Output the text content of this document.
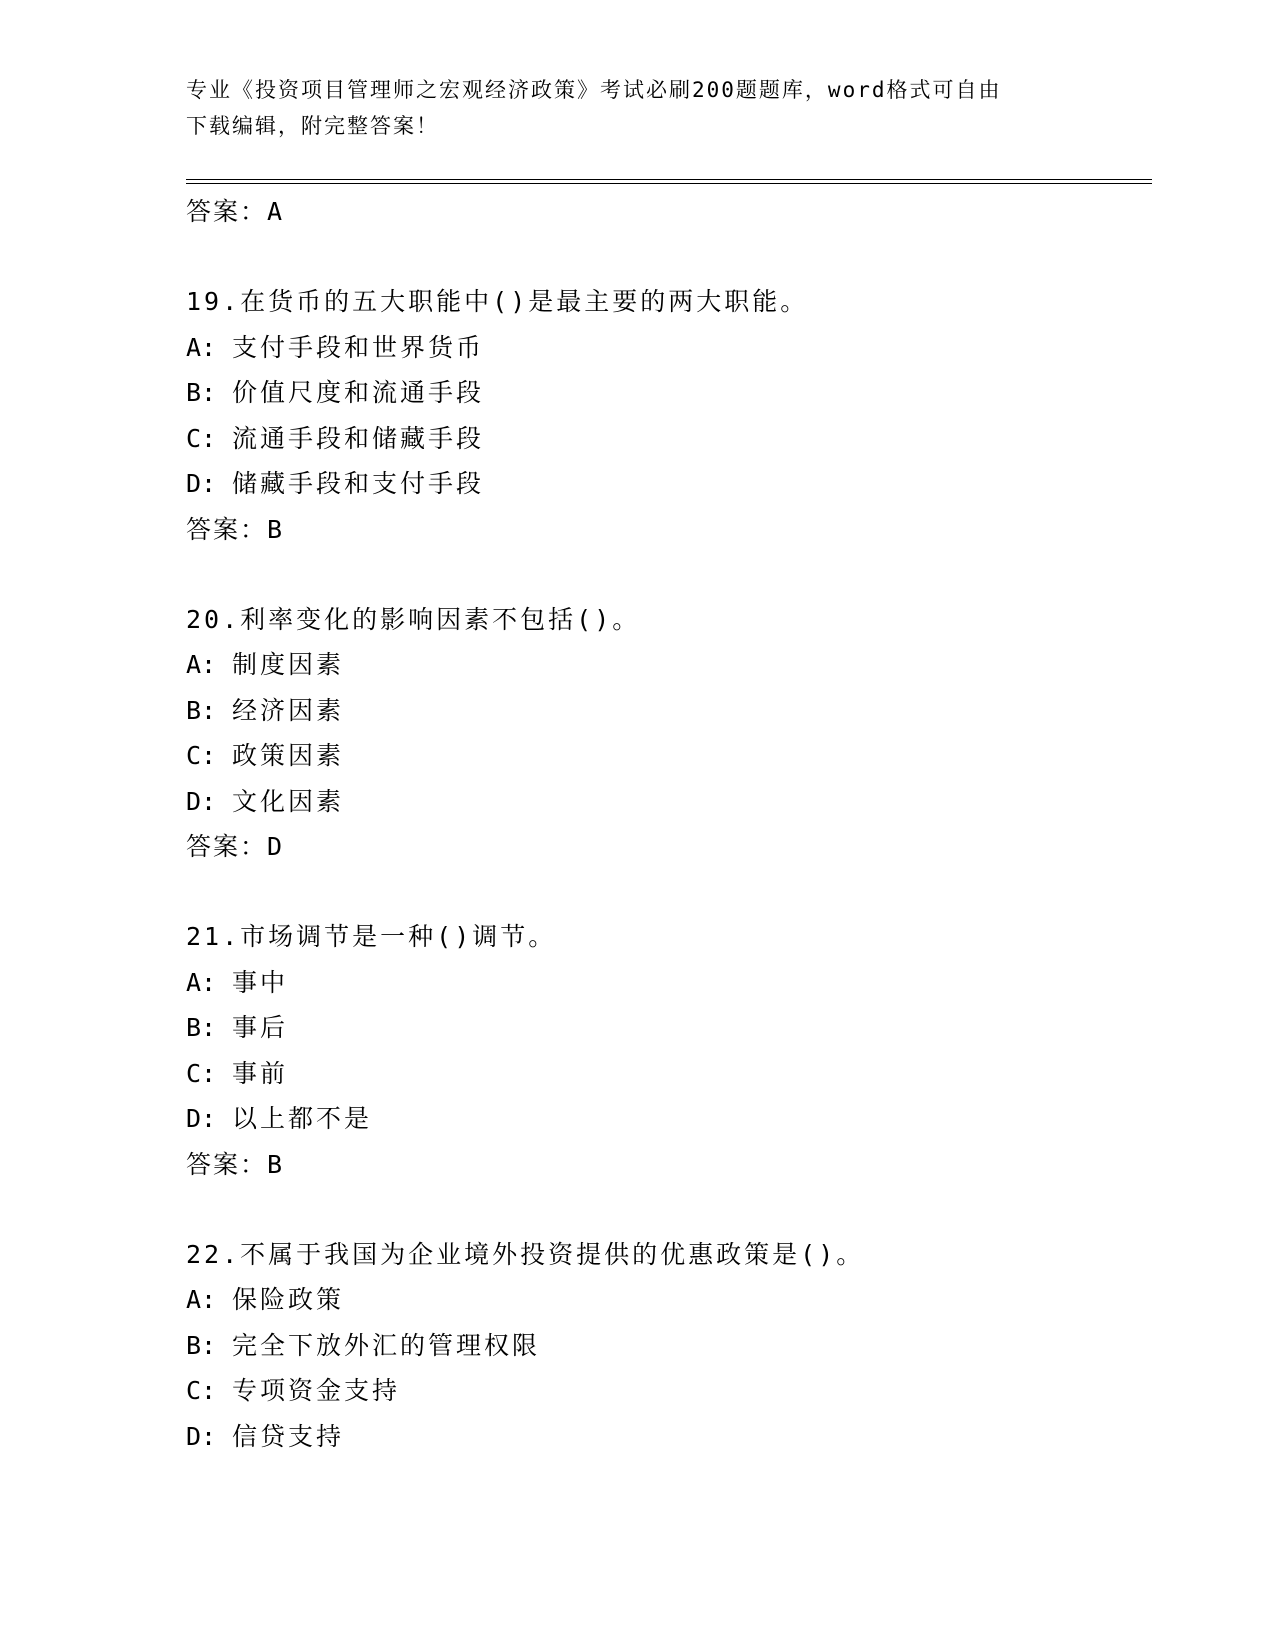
专业《投资项目管理师之宏观经济政策》考试必刷200题题库，word格式可自由
下载编辑，附完整答案！
答案：A
19.在货币的五大职能中()是最主要的两大职能。
A: 支付手段和世界货币
B: 价值尺度和流通手段
C: 流通手段和储藏手段
D: 储藏手段和支付手段
答案：B
20.利率变化的影响因素不包括()。
A: 制度因素
B: 经济因素
C: 政策因素
D: 文化因素
答案：D
21.市场调节是一种()调节。
A: 事中
B: 事后
C: 事前
D: 以上都不是
答案：B
22.不属于我国为企业境外投资提供的优惠政策是()。
A: 保险政策
B: 完全下放外汇的管理权限
C: 专项资金支持
D: 信贷支持
